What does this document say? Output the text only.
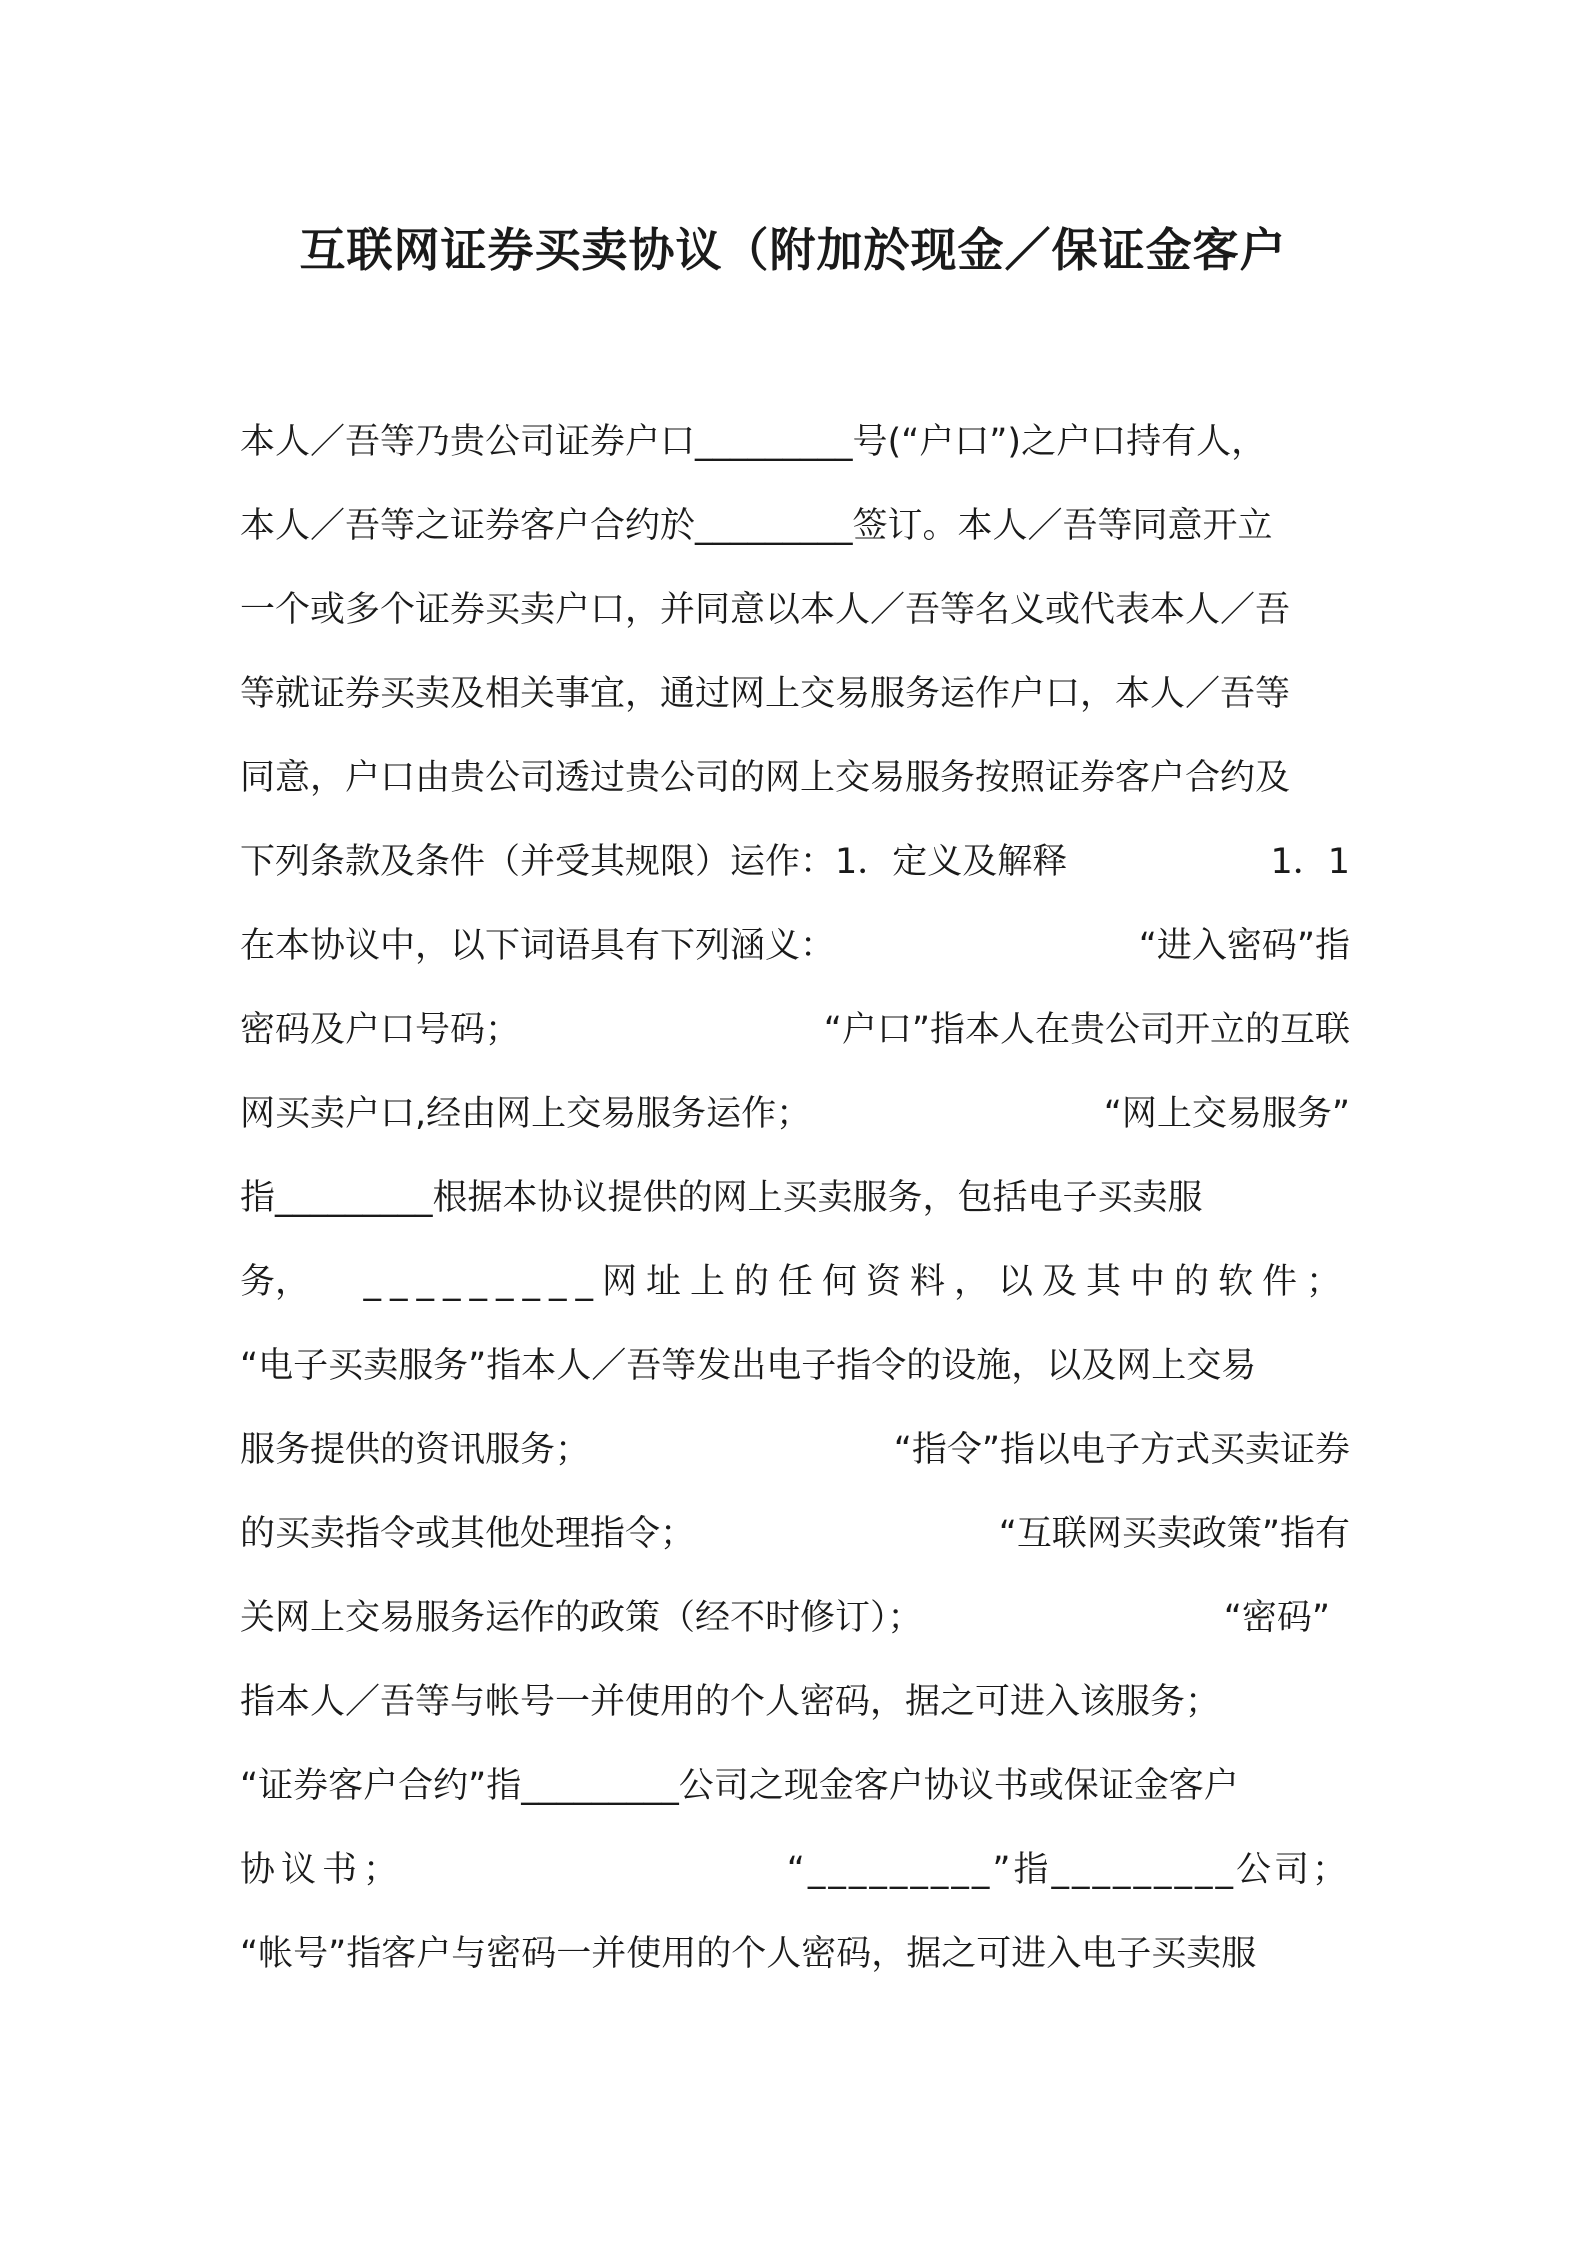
互联网证券买卖协议（附加於现金／保证金客户
本人／吾等乃贵公司证券户口_________号(“户口”)之户口持有人，
本人／吾等之证券客户合约於_________签订。本人／吾等同意开立
一个或多个证券买卖户口，并同意以本人／吾等名义或代表本人／吾
等就证券买卖及相关事宜，通过网上交易服务运作户口，本人／吾等
同意，户口由贵公司透过贵公司的网上交易服务按照证券客户合约及
下列条款及条件（并受其规限）运作：1．定义及解释	1．1
在本协议中，以下词语具有下列涵义：	“进入密码”指
密码及户口号码；	“户口”指本人在贵公司开立的互联
网买卖户口,经由网上交易服务运作；	“网上交易服务”
指_________根据本协议提供的网上买卖服务，包括电子买卖服
务， _________网址上的任何资料，以及其中的软件；
“电子买卖服务”指本人／吾等发出电子指令的设施，以及网上交易
服务提供的资讯服务；	“指令”指以电子方式买卖证券
的买卖指令或其他处理指令；	“互联网买卖政策”指有
关网上交易服务运作的政策（经不时修订）；	“密码”
指本人／吾等与帐号一并使用的个人密码，据之可进入该服务；
“证券客户合约”指_________公司之现金客户协议书或保证金客户
协议书；	“_________”指_________公司；
“帐号”指客户与密码一并使用的个人密码，据之可进入电子买卖服
